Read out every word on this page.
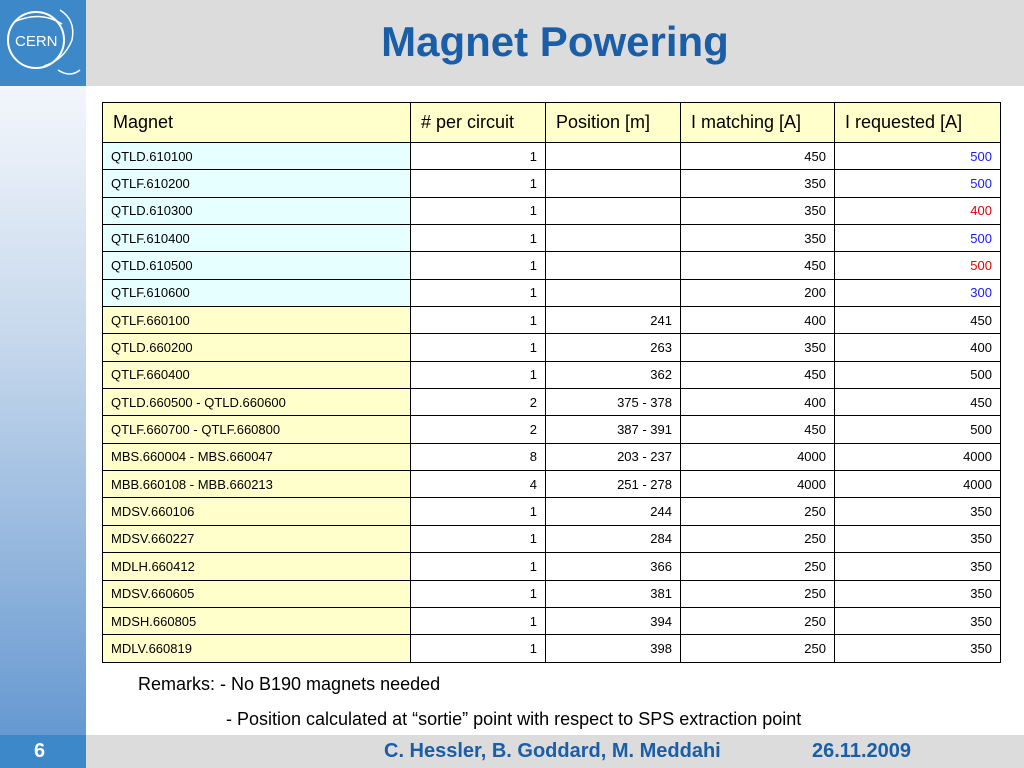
CERN	Magnet Powering
Magnet	# per circuit	Position [m]	I matching [A]	I requested [A]
QTLD.610100	1		450	500
QTLF.610200	1		350	500
QTLD.610300	1		350	400
QTLF.610400	1		350	500
QTLD.610500	1		450	500
QTLF.610600	1		200	300
QTLF.660100	1	241	400	450
QTLD.660200	1	263	350	400
QTLF.660400	1	362	450	500
QTLD.660500 - QTLD.660600	2	375 - 378	400	450
QTLF.660700 - QTLF.660800	2	387 - 391	450	500
MBS.660004 - MBS.660047	8	203 - 237	4000	4000
MBB.660108 - MBB.660213	4	251 - 278	4000	4000
MDSV.660106	1	244	250	350
MDSV.660227	1	284	250	350
MDLH.660412	1	366	250	350
MDSV.660605	1	381	250	350
MDSH.660805	1	394	250	350
MDLV.660819	1	398	250	350
Remarks: - No B190 magnets needed
- Position calculated at “sortie” point with respect to SPS extraction point
6	C. Hessler, B. Goddard, M. Meddahi	26.11.2009
